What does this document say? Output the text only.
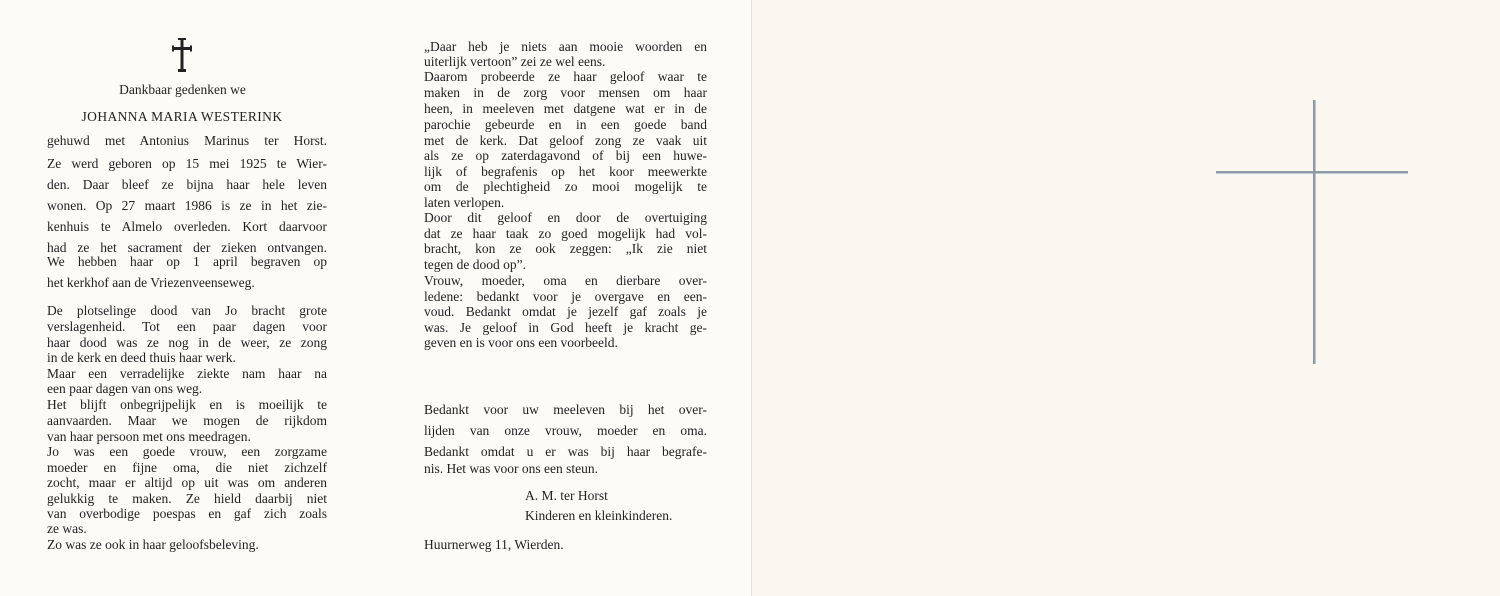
Dankbaar gedenken we
JOHANNA MARIA WESTERINK
gehuwd met Antonius Marinus ter Horst.
Ze werd geboren op 15 mei 1925 te Wier-
den. Daar bleef ze bijna haar hele leven
wonen. Op 27 maart 1986 is ze in het zie-
kenhuis te Almelo overleden. Kort daarvoor
had ze het sacrament der zieken ontvangen.
We hebben haar op 1 april begraven op
het kerkhof aan de Vriezenveenseweg.
De plotselinge dood van Jo bracht grote
verslagenheid. Tot een paar dagen voor
haar dood was ze nog in de weer, ze zong
in de kerk en deed thuis haar werk.
Maar een verradelijke ziekte nam haar na
een paar dagen van ons weg.
Het blijft onbegrijpelijk en is moeilijk te
aanvaarden. Maar we mogen de rijkdom
van haar persoon met ons meedragen.
Jo was een goede vrouw, een zorgzame
moeder en fijne oma, die niet zichzelf
zocht, maar er altijd op uit was om anderen
gelukkig te maken. Ze hield daarbij niet
van overbodige poespas en gaf zich zoals
ze was.
Zo was ze ook in haar geloofsbeleving.
„Daar heb je niets aan mooie woorden en
uiterlijk vertoon” zei ze wel eens.
Daarom probeerde ze haar geloof waar te
maken in de zorg voor mensen om haar
heen, in meeleven met datgene wat er in de
parochie gebeurde en in een goede band
met de kerk. Dat geloof zong ze vaak uit
als ze op zaterdagavond of bij een huwe-
lijk of begrafenis op het koor meewerkte
om de plechtigheid zo mooi mogelijk te
laten verlopen.
Door dit geloof en door de overtuiging
dat ze haar taak zo goed mogelijk had vol-
bracht, kon ze ook zeggen: „Ik zie niet
tegen de dood op”.
Vrouw, moeder, oma en dierbare over-
ledene: bedankt voor je overgave en een-
voud. Bedankt omdat je jezelf gaf zoals je
was. Je geloof in God heeft je kracht ge-
geven en is voor ons een voorbeeld.
Bedankt voor uw meeleven bij het over-
lijden van onze vrouw, moeder en oma.
Bedankt omdat u er was bij haar begrafe-
nis. Het was voor ons een steun.
A. M. ter Horst
Kinderen en kleinkinderen.
Huurnerweg 11, Wierden.
